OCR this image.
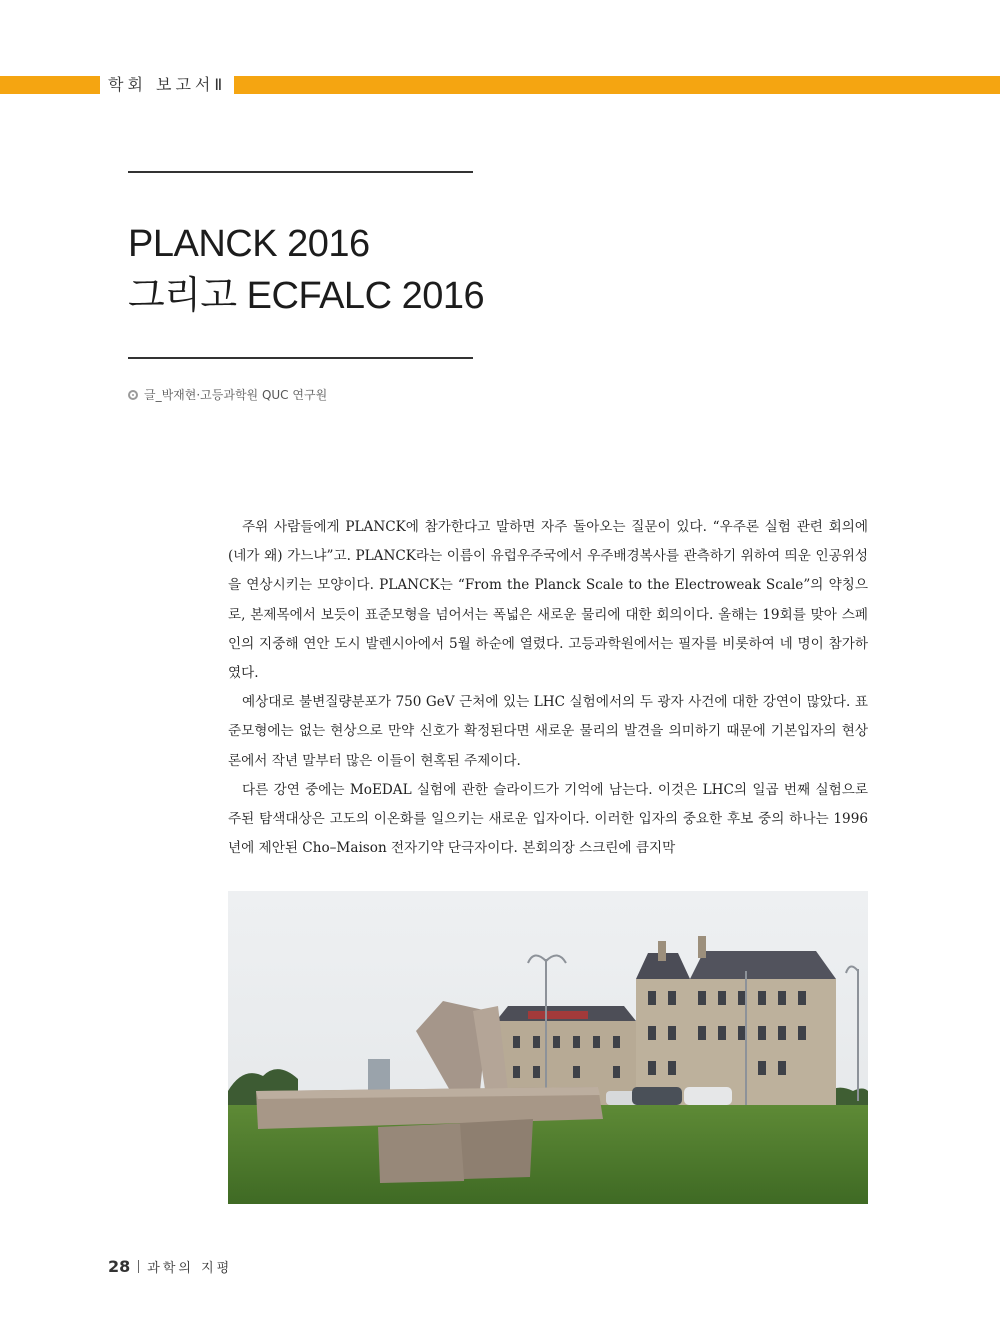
학회 보고서Ⅱ
PLANCK 2016
그리고 ECFALC 2016
글_박재현·고등과학원 QUC 연구원

주위 사람들에게 PLANCK에 참가한다고 말하면 자주 돌아오는 질문이 있다. “우주론 실험 관련 회의에 (네가 왜) 가느냐”고. PLANCK라는 이름이 유럽우주국에서 우주배경복사를 관측하기 위하여 띄운 인공위성을 연상시키는 모양이다. PLANCK는 “From the Planck Scale to the Electroweak Scale”의 약칭으로, 본제목에서 보듯이 표준모형을 넘어서는 폭넓은 새로운 물리에 대한 회의이다. 올해는 19회를 맞아 스페인의 지중해 연안 도시 발렌시아에서 5월 하순에 열렸다. 고등과학원에서는 필자를 비롯하여 네 명이 참가하였다.

예상대로 불변질량분포가 750 GeV 근처에 있는 LHC 실험에서의 두 광자 사건에 대한 강연이 많았다. 표준모형에는 없는 현상으로 만약 신호가 확정된다면 새로운 물리의 발견을 의미하기 때문에 기본입자의 현상론에서 작년 말부터 많은 이들이 현혹된 주제이다.

다른 강연 중에는 MoEDAL 실험에 관한 슬라이드가 기억에 남는다. 이것은 LHC의 일곱 번째 실험으로 주된 탐색대상은 고도의 이온화를 일으키는 새로운 입자이다. 이러한 입자의 중요한 후보 중의 하나는 1996년에 제안된 Cho–Maison 전자기약 단극자이다. 본회의장 스크린에 큼지막

28 과학의 지평
